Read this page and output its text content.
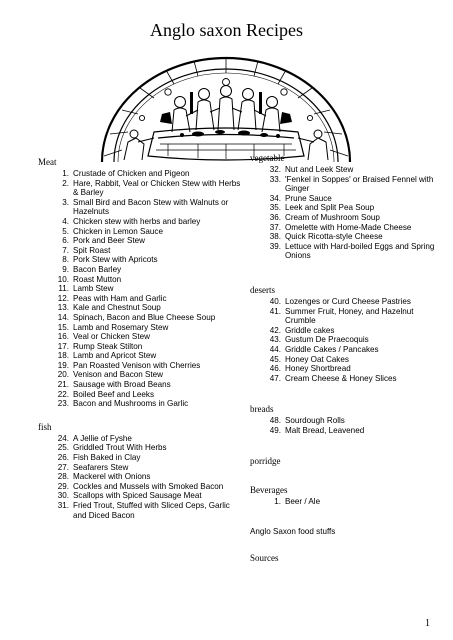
Anglo saxon Recipes
Meat
1. Crustade of Chicken and Pigeon
2. Hare, Rabbit, Veal or Chicken Stew with Herbs & Barley
3. Small Bird and Bacon Stew with Walnuts or Hazelnuts
4. Chicken stew with herbs and barley
5. Chicken in Lemon Sauce
6. Pork and Beer Stew
7. Spit Roast
8. Pork Stew with Apricots
9. Bacon Barley
10. Roast Mutton
11. Lamb Stew
12. Peas with Ham and Garlic
13. Kale and Chestnut Soup
14. Spinach, Bacon and Blue Cheese Soup
15. Lamb and Rosemary Stew
16. Veal or Chicken Stew
17. Rump Steak Stilton
18. Lamb and Apricot Stew
19. Pan Roasted Venison with Cherries
20. Venison and Bacon Stew
21. Sausage with Broad Beans
22. Boiled Beef and Leeks
23. Bacon and Mushrooms in Garlic
fish
24. A Jellie of Fyshe
25. Griddled Trout With Herbs
26. Fish Baked in Clay
27. Seafarers Stew
28. Mackerel with Onions
29. Cockles and Mussels with Smoked Bacon
30. Scallops with Spiced Sausage Meat
31. Fried Trout, Stuffed with Sliced Ceps, Garlic and Diced Bacon
vegetable
32. Nut and Leek Stew
33. 'Fenkel in Soppes' or Braised Fennel with Ginger
34. Prune Sauce
35. Leek and Split Pea Soup
36. Cream of Mushroom Soup
37. Omelette with Home-Made Cheese
38. Quick Ricotta-style Cheese
39. Lettuce with Hard-boiled Eggs and Spring Onions
deserts
40. Lozenges or Curd Cheese Pastries
41. Summer Fruit, Honey, and Hazelnut Crumble
42. Griddle cakes
43. Gustum De Praecoquis
44. Griddle Cakes / Pancakes
45. Honey Oat Cakes
46. Honey Shortbread
47. Cream Cheese & Honey Slices
breads
48. Sourdough Rolls
49. Malt Bread, Leavened
porridge
Beverages
1. Beer / Ale
Anglo Saxon food stuffs
Sources
1
